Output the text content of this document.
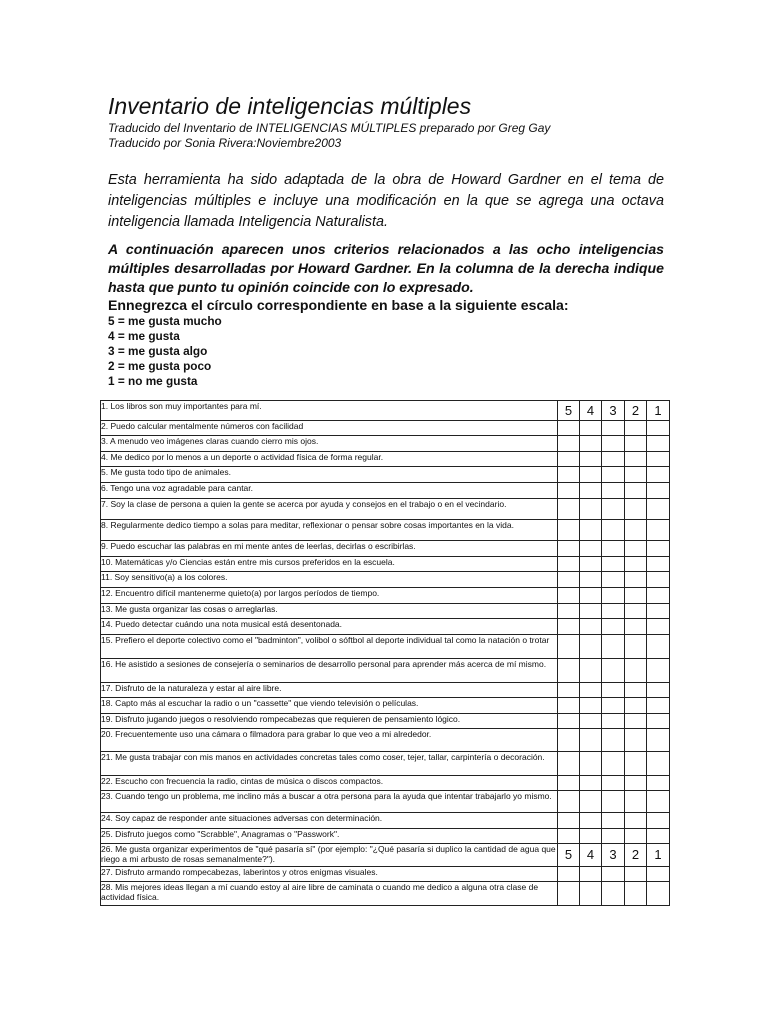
Inventario de inteligencias múltiples
Traducido del Inventario de INTELIGENCIAS MÚLTIPLES preparado por Greg Gay
Traducido por Sonia Rivera:Noviembre2003

Esta herramienta ha sido adaptada de la obra de Howard Gardner en el tema de inteligencias múltiples e incluye una modificación en la que se agrega una octava inteligencia llamada Inteligencia Naturalista.

A continuación aparecen unos criterios relacionados a las ocho inteligencias múltiples desarrolladas por Howard Gardner. En la columna de la derecha indique hasta que punto tu opinión coincide con lo expresado.

Ennegrezca el círculo correspondiente en base a la siguiente escala:
5 = me gusta mucho
4 = me gusta
3 = me gusta algo
2 = me gusta poco
1 = no me gusta
1. Los libros son muy importantes para mí.	5	4	3	2	1
2. Puedo calcular mentalmente números con facilidad					
3. A menudo veo imágenes claras cuando cierro mis ojos.					
4. Me dedico por lo menos a un deporte o actividad física de forma regular.					
5. Me gusta todo tipo de animales.					
6. Tengo una voz agradable para cantar.					
7. Soy la clase de persona a quien la gente se acerca por ayuda y consejos en el trabajo o en el vecindario.					
8. Regularmente dedico tiempo a solas para meditar, reflexionar o pensar sobre cosas importantes en la vida.					
9. Puedo escuchar las palabras en mi mente antes de leerlas, decirlas o escribirlas.					
10. Matemáticas y/o Ciencias están entre mis cursos preferidos en la escuela.					
11. Soy sensitivo(a) a los colores.					
12. Encuentro difícil mantenerme quieto(a) por largos períodos de tiempo.					
13. Me gusta organizar las cosas o arreglarlas.					
14. Puedo detectar cuándo una nota musical está desentonada.					
15. Prefiero el deporte colectivo como el "badminton", volibol o sóftbol al deporte individual tal como la natación o trotar					
16. He asistido a sesiones de consejería o seminarios de desarrollo personal para aprender más acerca de mí mismo.					
17. Disfruto de la naturaleza y estar al aire libre.					
18. Capto más al escuchar la radio o un "cassette" que viendo televisión o películas.					
19. Disfruto jugando juegos o resolviendo rompecabezas que requieren de pensamiento lógico.					
20. Frecuentemente uso una cámara o filmadora para grabar lo que veo a mi alrededor.					
21. Me gusta trabajar con mis manos en actividades concretas tales como coser, tejer, tallar, carpintería o decoración.					
22. Escucho con frecuencia la radio, cintas de música o discos compactos.					
23. Cuando tengo un problema, me inclino más a buscar a otra persona para la ayuda que intentar trabajarlo yo mismo.					
24. Soy capaz de responder ante situaciones adversas con determinación.					
25. Disfruto juegos como "Scrabble", Anagramas o "Passwork".					
26. Me gusta organizar experimentos de "qué pasaría sí" (por ejemplo: "¿Qué pasaría si duplico la cantidad de agua que riego a mi arbusto de rosas semanalmente?").	5	4	3	2	1
27. Disfruto armando rompecabezas, laberintos y otros enigmas visuales.					
28. Mis mejores ideas llegan a mí cuando estoy al aire libre de caminata o cuando me dedico a alguna otra clase de actividad física.					
